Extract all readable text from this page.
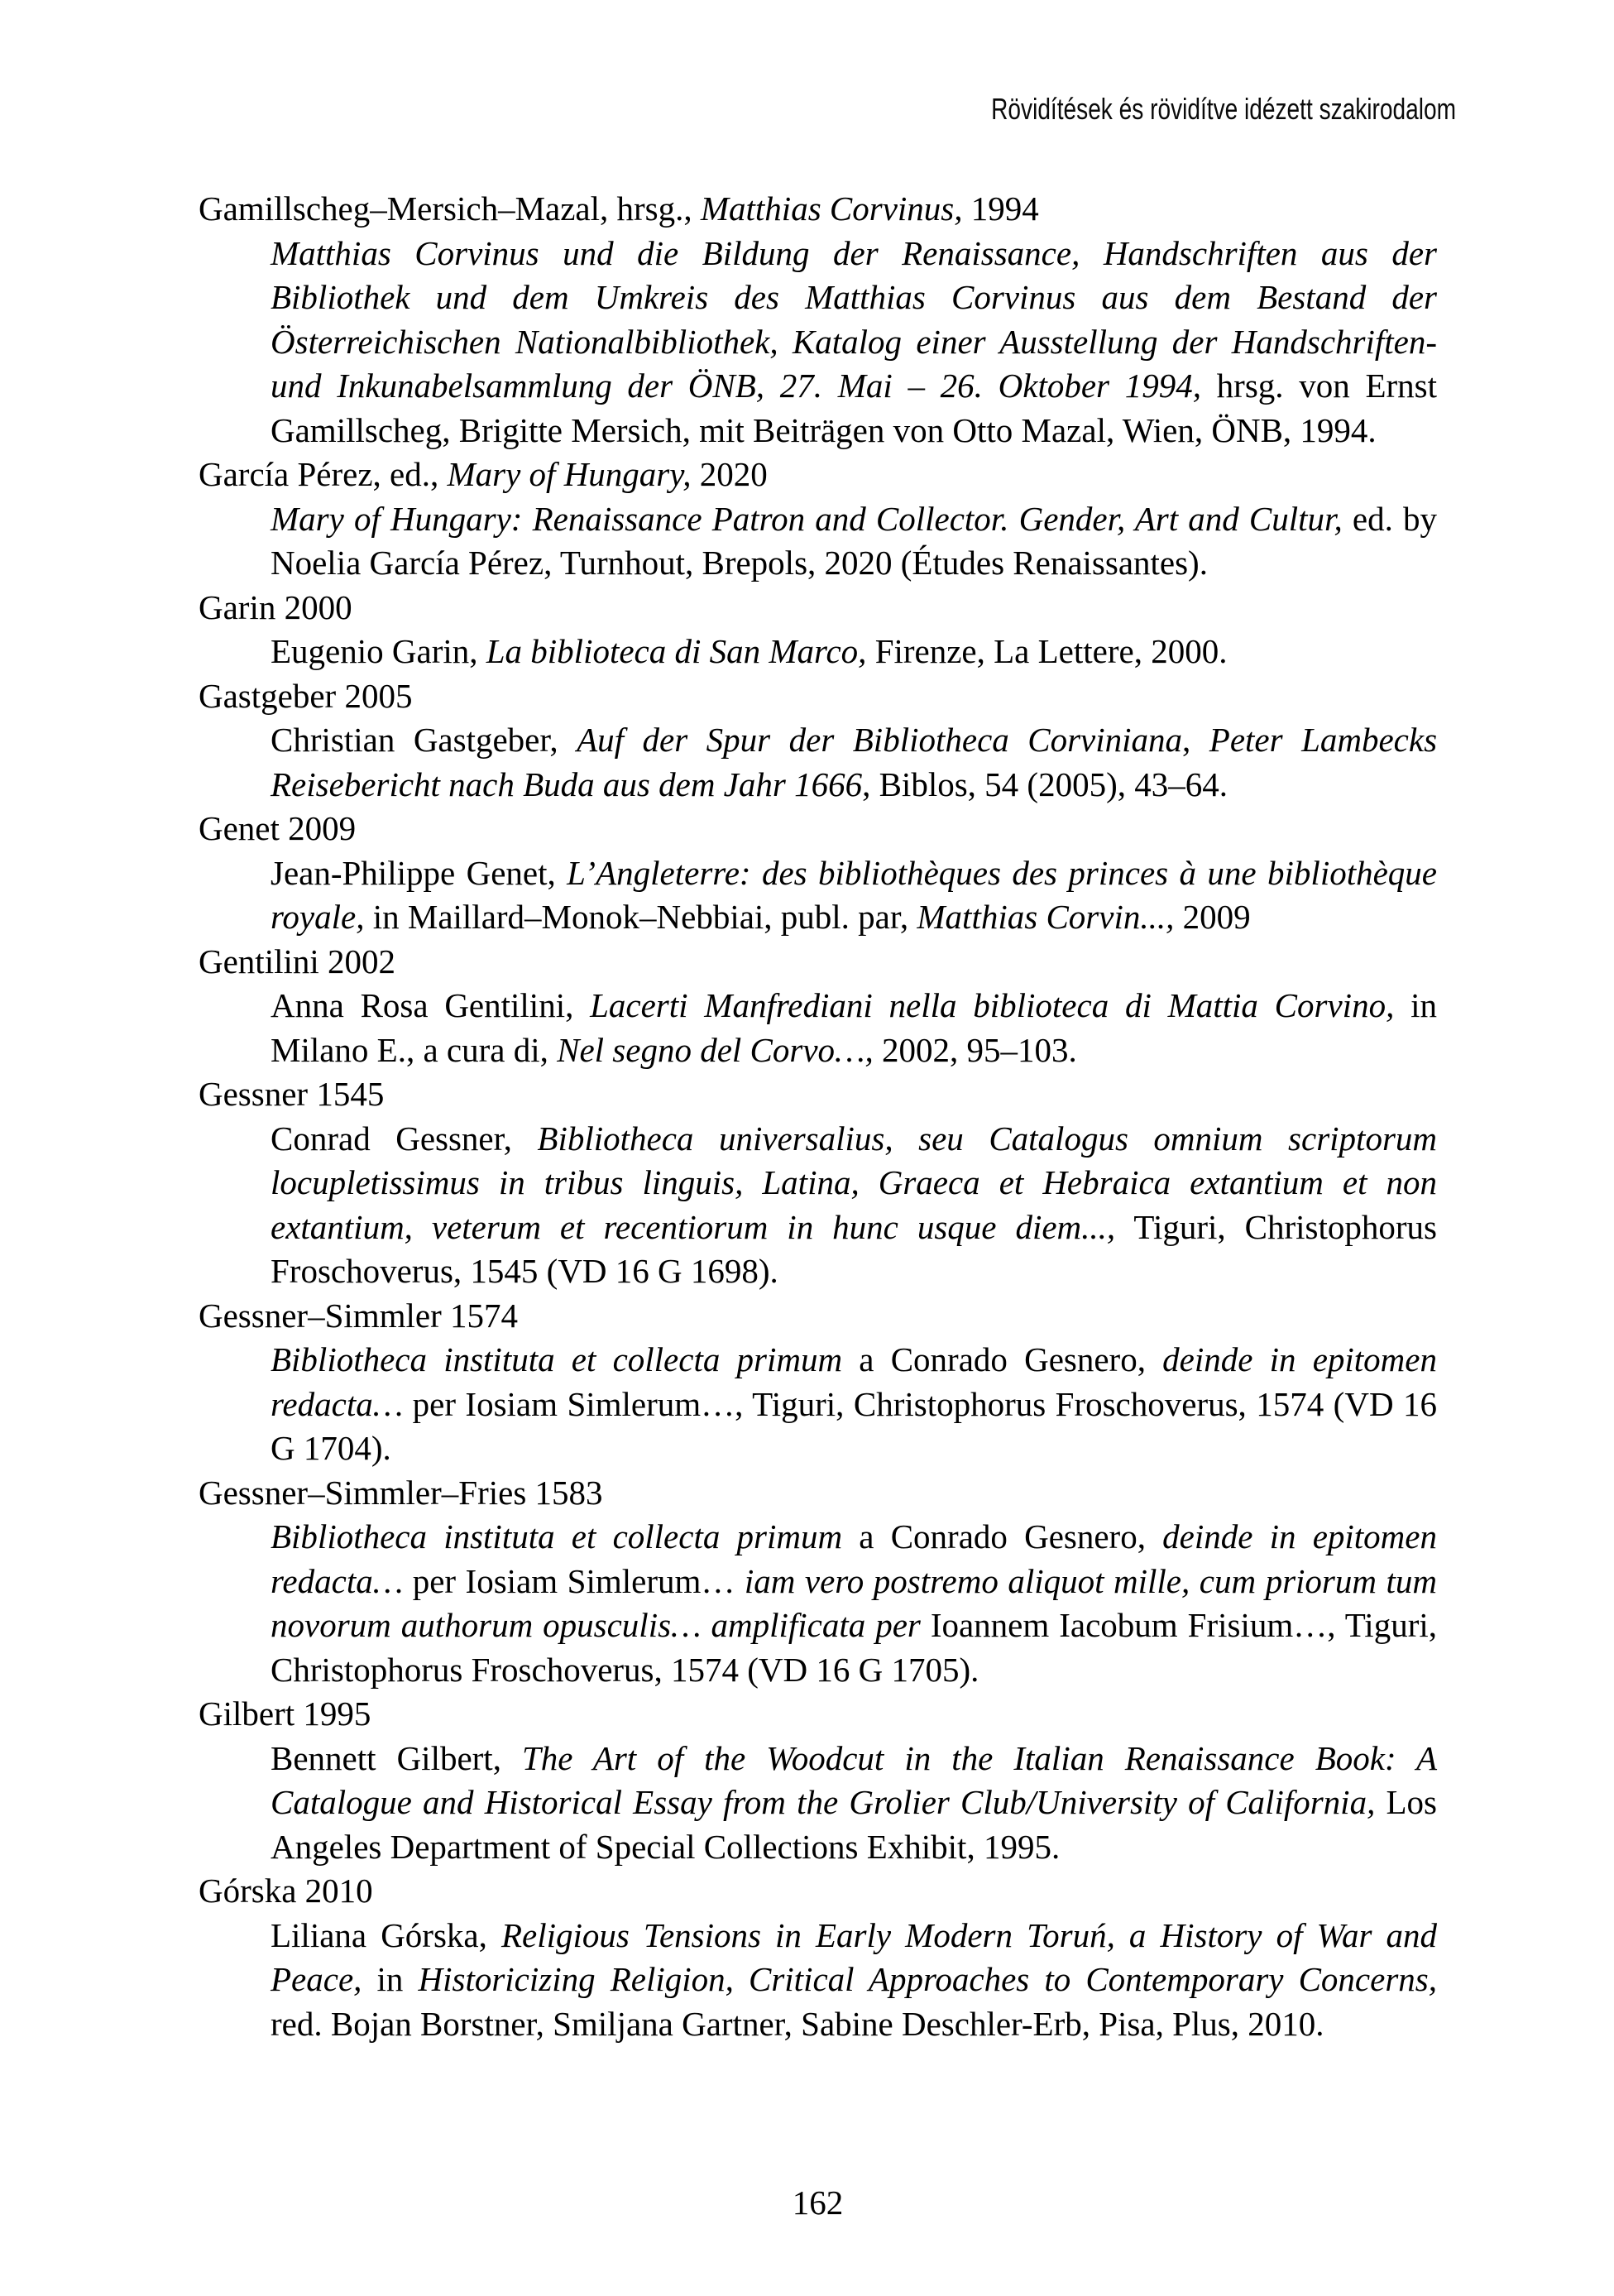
Rövidítések és rövidítve idézett szakirodalom

Gamillscheg–Mersich–Mazal, hrsg., Matthias Corvinus, 1994

Matthias Corvinus und die Bildung der Renaissance, Handschriften aus der Bibliothek und dem Umkreis des Matthias Corvinus aus dem Bestand der Österreichischen Nationalbibliothek, Katalog einer Ausstellung der Handschriften- und Inkunabelsammlung der ÖNB, 27. Mai – 26. Oktober 1994, hrsg. von Ernst Gamillscheg, Brigitte Mersich, mit Beiträgen von Otto Mazal, Wien, ÖNB, 1994.

García Pérez, ed., Mary of Hungary, 2020

Mary of Hungary: Renaissance Patron and Collector. Gender, Art and Cultur, ed. by Noelia García Pérez, Turnhout, Brepols, 2020 (Études Renaissantes).

Garin 2000

Eugenio Garin, La biblioteca di San Marco, Firenze, La Lettere, 2000.

Gastgeber 2005

Christian Gastgeber, Auf der Spur der Bibliotheca Corviniana, Peter Lambecks Reisebericht nach Buda aus dem Jahr 1666, Biblos, 54 (2005), 43–64.

Genet 2009

Jean-Philippe Genet, L’Angleterre: des bibliothèques des princes à une bibliothèque royale, in Maillard–Monok–Nebbiai, publ. par, Matthias Corvin..., 2009

Gentilini 2002

Anna Rosa Gentilini, Lacerti Manfrediani nella biblioteca di Mattia Corvino, in Milano E., a cura di, Nel segno del Corvo…, 2002, 95–103.

Gessner 1545

Conrad Gessner, Bibliotheca universalius, seu Catalogus omnium scriptorum locupletissimus in tribus linguis, Latina, Graeca et Hebraica extantium et non extantium, veterum et recentiorum in hunc usque diem..., Tiguri, Christophorus Froschoverus, 1545 (VD 16 G 1698).

Gessner–Simmler 1574

Bibliotheca instituta et collecta primum a Conrado Gesnero, deinde in epitomen redacta… per Iosiam Simlerum…, Tiguri, Christophorus Froschoverus, 1574 (VD 16 G 1704).

Gessner–Simmler–Fries 1583

Bibliotheca instituta et collecta primum a Conrado Gesnero, deinde in epitomen redacta… per Iosiam Simlerum… iam vero postremo aliquot mille, cum priorum tum novorum authorum opusculis… amplificata per Ioannem Iacobum Frisium…, Tiguri, Christophorus Froschoverus, 1574 (VD 16 G 1705).

Gilbert 1995

Bennett Gilbert, The Art of the Woodcut in the Italian Renaissance Book: A Catalogue and Historical Essay from the Grolier Club/University of California, Los Angeles Department of Special Collections Exhibit, 1995.

Górska 2010

Liliana Górska, Religious Tensions in Early Modern Toruń, a History of War and Peace, in Historicizing Religion, Critical Approaches to Contemporary Concerns, red. Bojan Borstner, Smiljana Gartner, Sabine Deschler-Erb, Pisa, Plus, 2010.

162
